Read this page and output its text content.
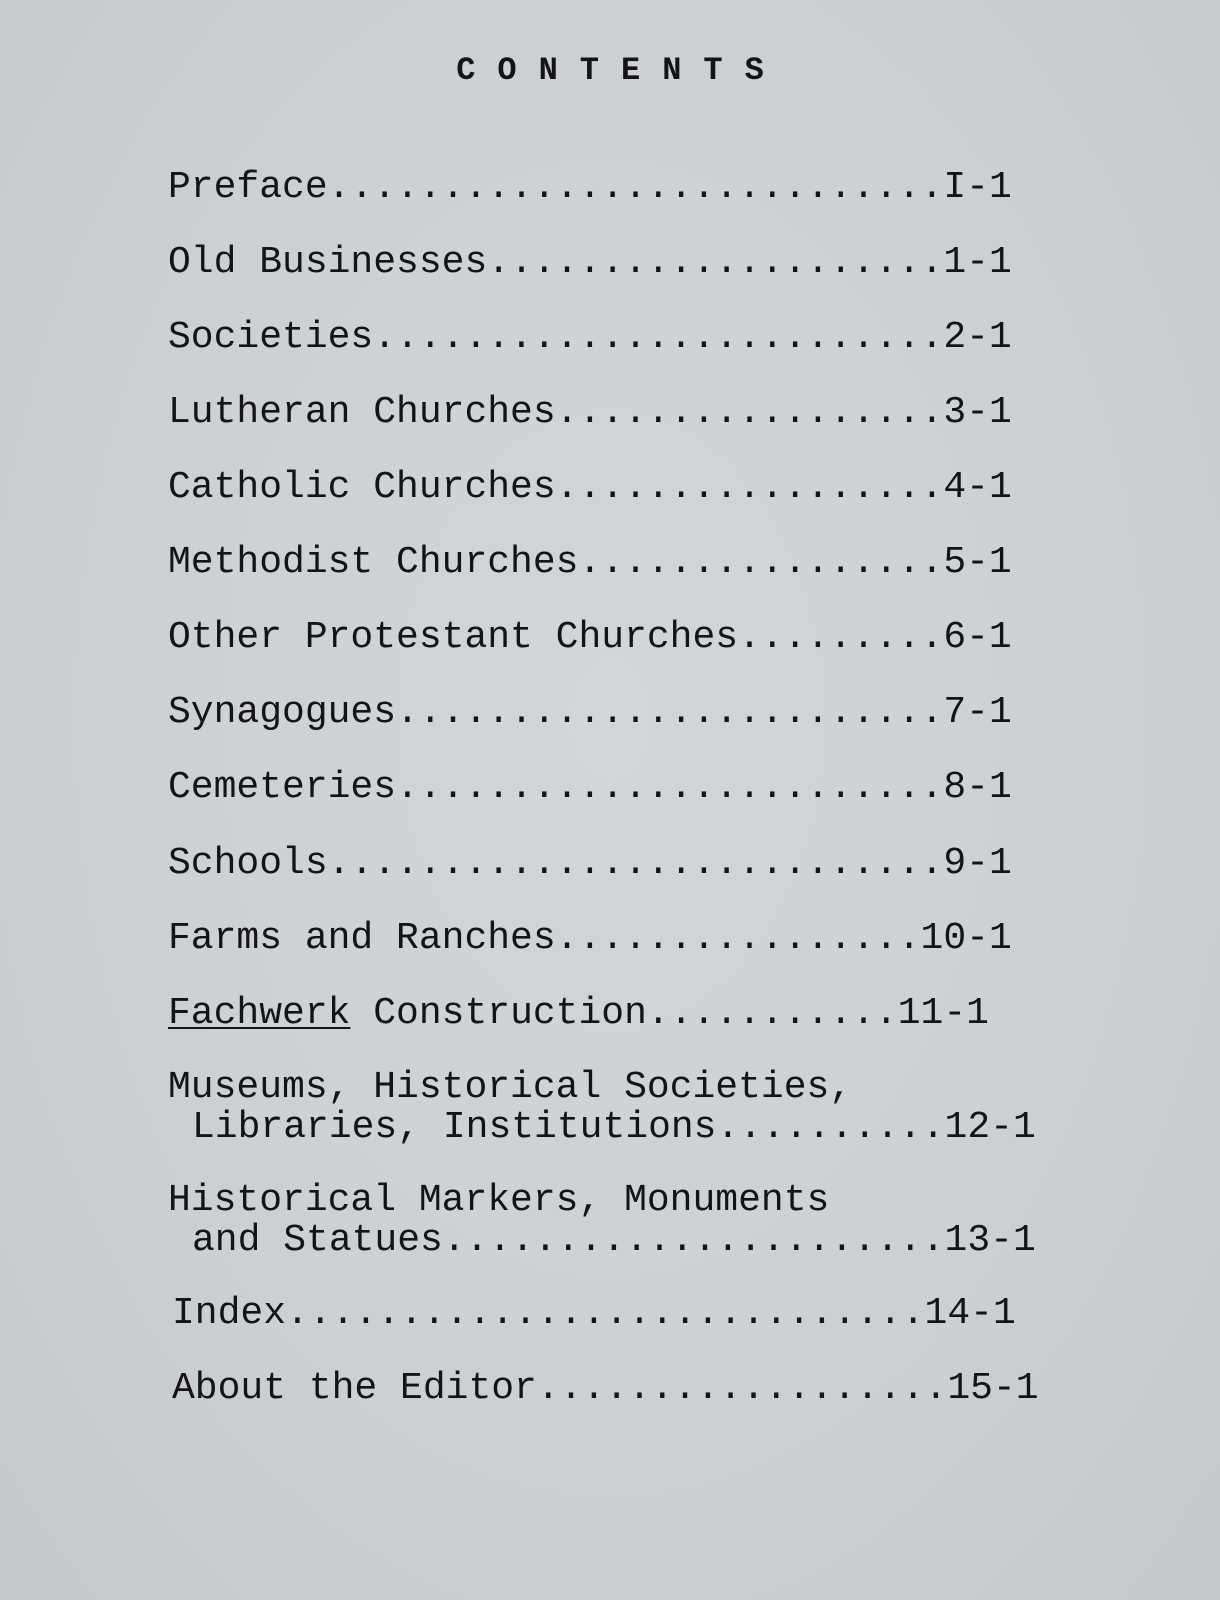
CONTENTS
Preface...........................I-1
Old Businesses....................1-1
Societies.........................2-1
Lutheran Churches.................3-1
Catholic Churches.................4-1
Methodist Churches................5-1
Other Protestant Churches.........6-1
Synagogues........................7-1
Cemeteries........................8-1
Schools...........................9-1
Farms and Ranches................10-1
Fachwerk Construction...........11-1
Museums, Historical Societies,
Libraries, Institutions..........12-1
Historical Markers, Monuments
and Statues......................13-1
Index............................14-1
About the Editor..................15-1
